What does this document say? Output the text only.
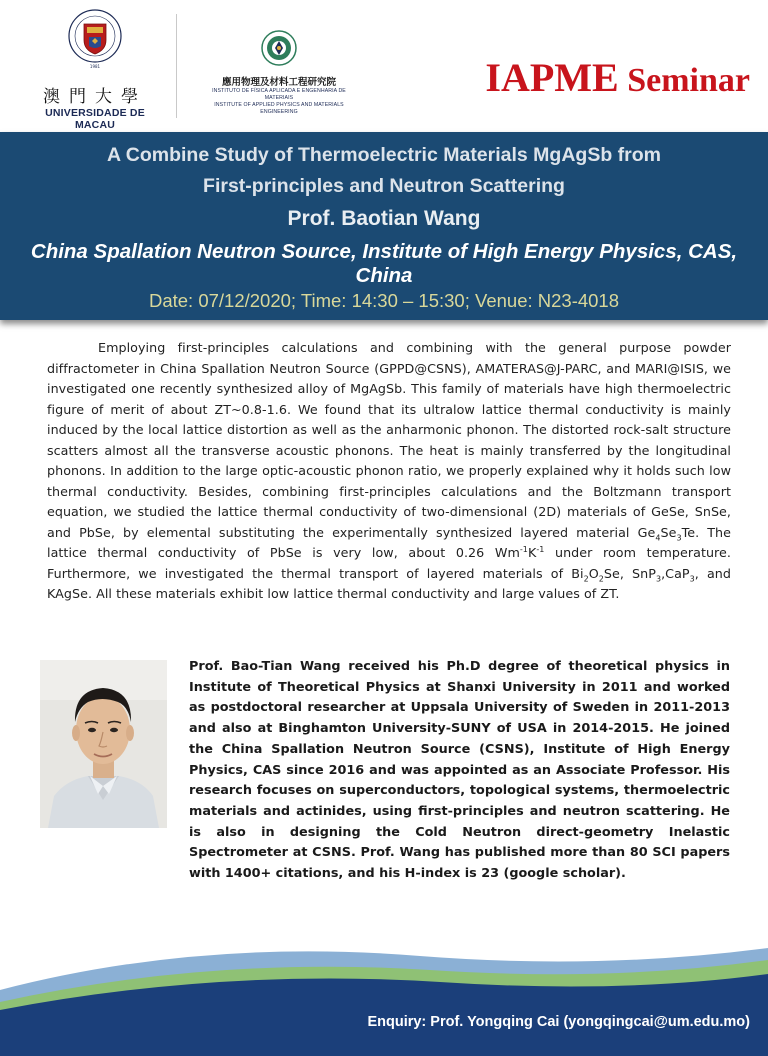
1981
澳門大學
UNIVERSIDADE DE MACAU
應用物理及材料工程研究院
INSTITUTO DE FÍSICA APLICADA E ENGENHARIA DE MATERIAIS
INSTITUTE OF APPLIED PHYSICS AND MATERIALS ENGINEERING
IAPME Seminar
A Combine Study of Thermoelectric Materials MgAgSb from
First-principles and Neutron Scattering
Prof. Baotian Wang
China Spallation Neutron Source, Institute of High Energy Physics, CAS, China
Date: 07/12/2020; Time: 14:30 – 15:30; Venue: N23-4018
Employing first-principles calculations and combining with the general purpose powder diffractometer in China Spallation Neutron Source (GPPD@CSNS), AMATERAS@J-PARC, and MARI@ISIS, we investigated one recently synthesized alloy of MgAgSb. This family of materials have high thermoelectric figure of merit of about ZT~0.8-1.6. We found that its ultralow lattice thermal conductivity is mainly induced by the local lattice distortion as well as the anharmonic phonon. The distorted rock-salt structure scatters almost all the transverse acoustic phonons. The heat is mainly transferred by the longitudinal phonons. In addition to the large optic-acoustic phonon ratio, we properly explained why it holds such low thermal conductivity. Besides, combining first-principles calculations and the Boltzmann transport equation, we studied the lattice thermal conductivity of two-dimensional (2D) materials of GeSe, SnSe, and PbSe, by elemental substituting the experimentally synthesized layered material $Ge_4Se_3Te$. The lattice thermal conductivity of PbSe is very low, about 0.26 $Wm^{-1}K^{-1}$ under room temperature. Furthermore, we investigated the thermal transport of layered materials of $Bi_2O_2Se$, SnP$_3$,CaP$_3$, and KAgSe. All these materials exhibit low lattice thermal conductivity and large values of ZT.
Prof. Bao-Tian Wang received his Ph.D degree of theoretical physics in Institute of Theoretical Physics at Shanxi University in 2011 and worked as postdoctoral researcher at Uppsala University of Sweden in 2011-2013 and also at Binghamton University-SUNY of USA in 2014-2015. He joined the China Spallation Neutron Source (CSNS), Institute of High Energy Physics, CAS since 2016 and was appointed as an Associate Professor. His research focuses on superconductors, topological systems, thermoelectric materials and actinides, using first-principles and neutron scattering. He is also in designing the Cold Neutron direct-geometry Inelastic Spectrometer at CSNS. Prof. Wang has published more than 80 SCI papers with 1400+ citations, and his H-index is 23 (google scholar).
Enquiry: Prof. Yongqing Cai (yongqingcai@um.edu.mo)
